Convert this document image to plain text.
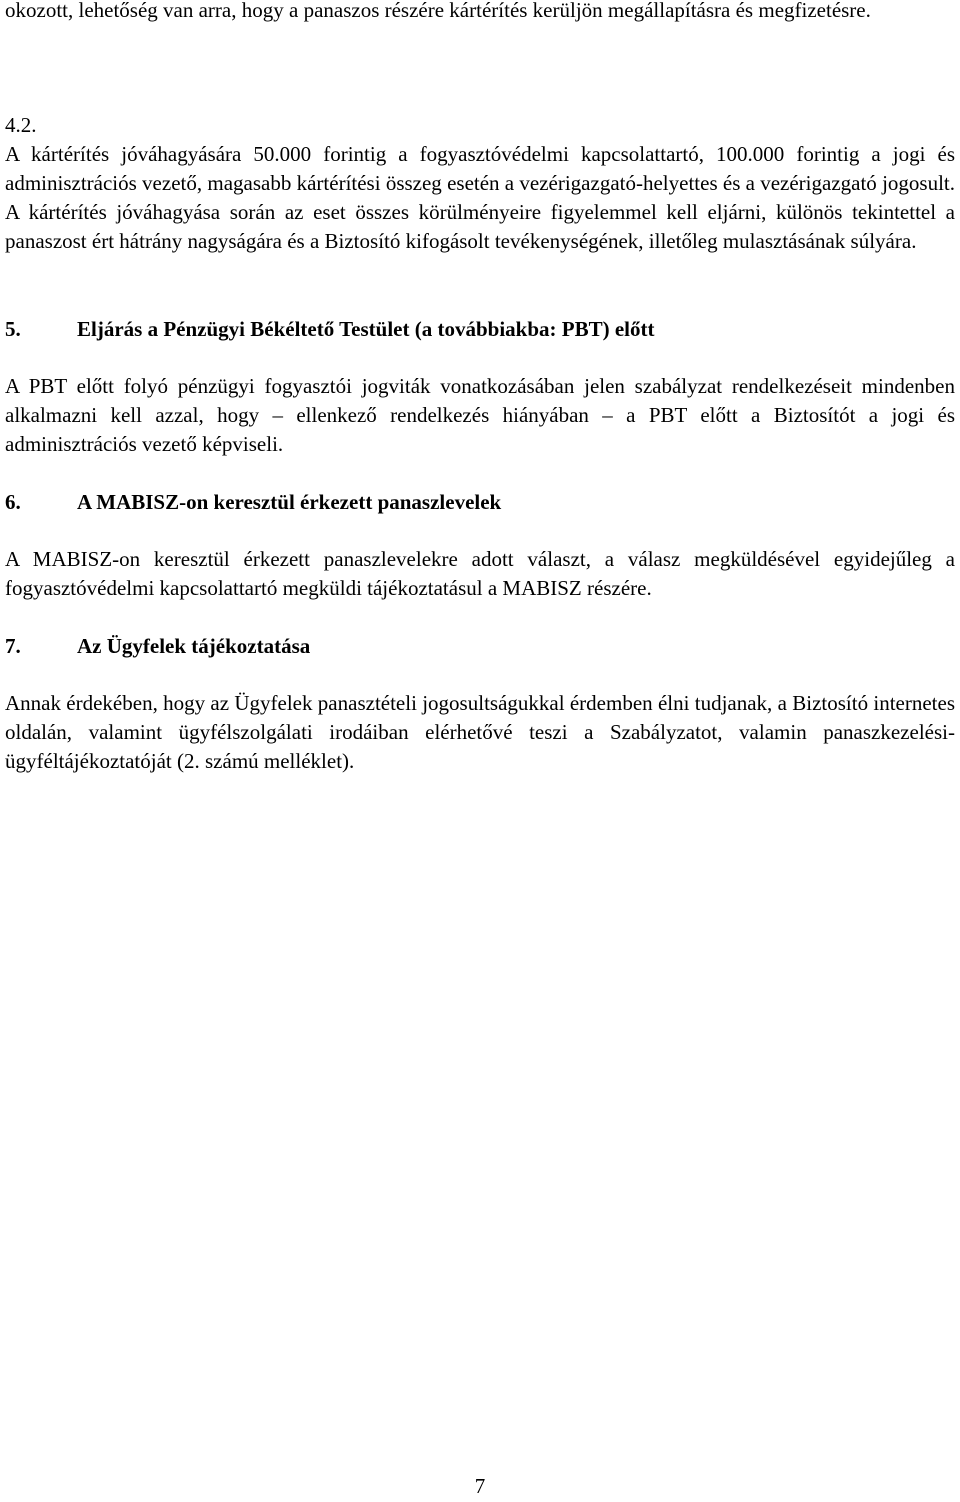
okozott, lehetőség van arra, hogy a panaszos részére kártérítés kerüljön megállapításra és megfizetésre.

4.2.

A kártérítés jóváhagyására 50.000 forintig a fogyasztóvédelmi kapcsolattartó, 100.000 forintig a jogi és adminisztrációs vezető, magasabb kártérítési összeg esetén a vezérigazgató-helyettes és a vezérigazgató jogosult. A kártérítés jóváhagyása során az eset összes körülményeire figyelemmel kell eljárni, különös tekintettel a panaszost ért hátrány nagyságára és a Biztosító kifogásolt tevékenységének, illetőleg mulasztásának súlyára.

5.	Eljárás a Pénzügyi Békéltető Testület (a továbbiakba: PBT) előtt

A PBT előtt folyó pénzügyi fogyasztói jogviták vonatkozásában jelen szabályzat rendelkezéseit mindenben alkalmazni kell azzal, hogy – ellenkező rendelkezés hiányában – a PBT előtt a Biztosítót a jogi és adminisztrációs vezető képviseli.

6.	A MABISZ-on keresztül érkezett panaszlevelek

A MABISZ-on keresztül érkezett panaszlevelekre adott választ, a válasz megküldésével egyidejűleg a fogyasztóvédelmi kapcsolattartó megküldi tájékoztatásul a MABISZ részére.

7.	Az Ügyfelek tájékoztatása

Annak érdekében, hogy az Ügyfelek panasztételi jogosultságukkal érdemben élni tudjanak, a Biztosító internetes oldalán, valamint ügyfélszolgálati irodáiban elérhetővé teszi a Szabályzatot, valamin panaszkezelési-ügyféltájékoztatóját (2. számú melléklet).

7
